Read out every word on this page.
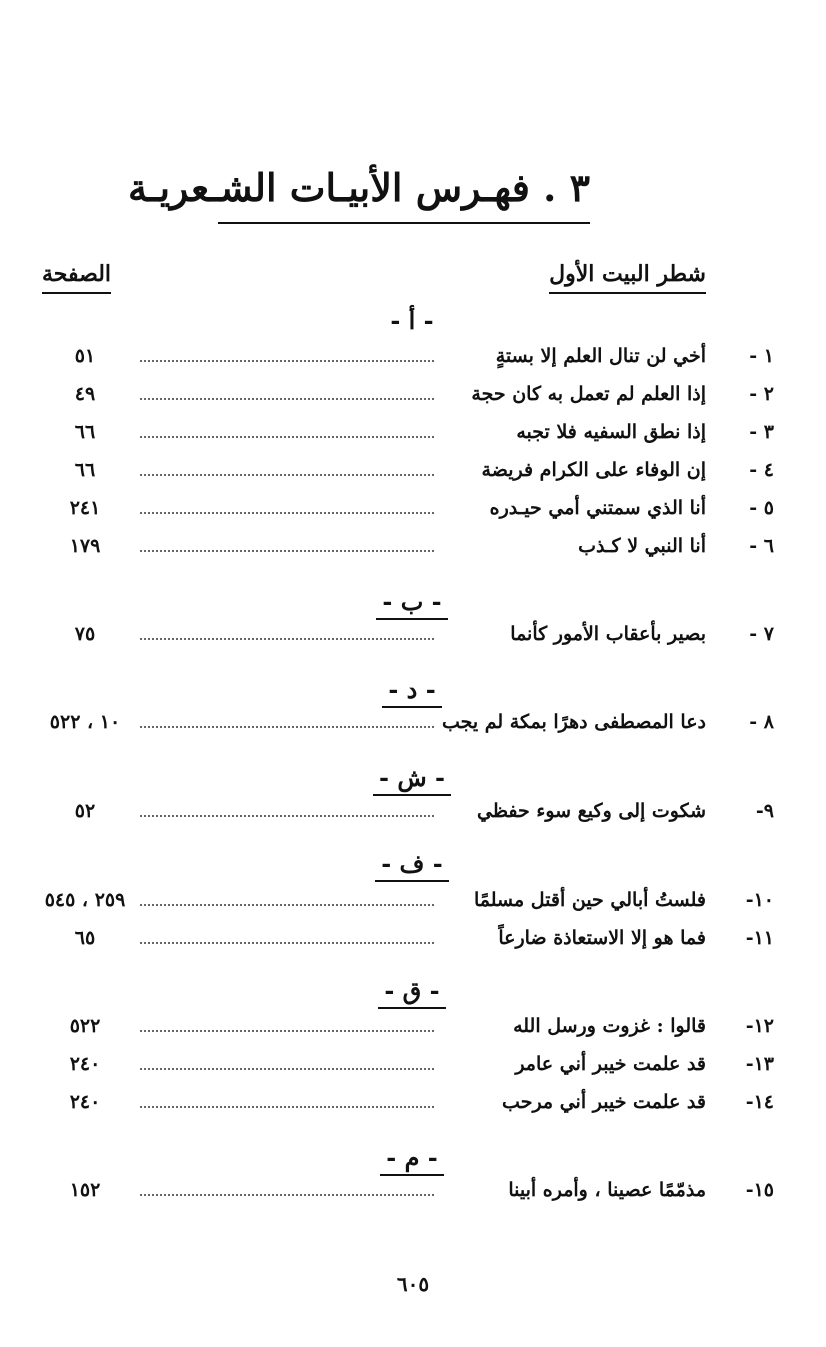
٣ . فهـرس الأبيـات الشـعريـة
شطر البيت الأول
الصفحة
- أ -
١ -
أخي لن تنال العلم إلا بستةٍ
٥١
٢ -
إذا العلم لم تعمل به كان حجة
٤٩
٣ -
إذا نطق السفيه فلا تجبه
٦٦
٤ -
إن الوفاء على الكرام فريضة
٦٦
٥ -
أنا الذي سمتني أمي حيـدره
٢٤١
٦ -
أنا النبي لا كـذب
١٧٩
- ب -
٧ -
بصير بأعقاب الأمور كأنما
٧٥
- د -
٨ -
دعا المصطفى دهرًا بمكة لم يجب
١٠ ، ٥٢٢
- ش -
٩-
شكوت إلى وكيع سوء حفظي
٥٢
- ف -
١٠-
فلستُ أبالي حين أقتل مسلمًا
٢٥٩ ، ٥٤٥
١١-
فما هو إلا الاستعاذة ضارعاً
٦٥
- ق -
١٢-
قالوا : غزوت ورسل الله
٥٢٢
١٣-
قد علمت خيبر أني عامر
٢٤٠
١٤-
قد علمت خيبر أني مرحب
٢٤٠
- م -
١٥-
مذمّمًا عصينا ، وأمره أبينا
١٥٢
٦٠٥
